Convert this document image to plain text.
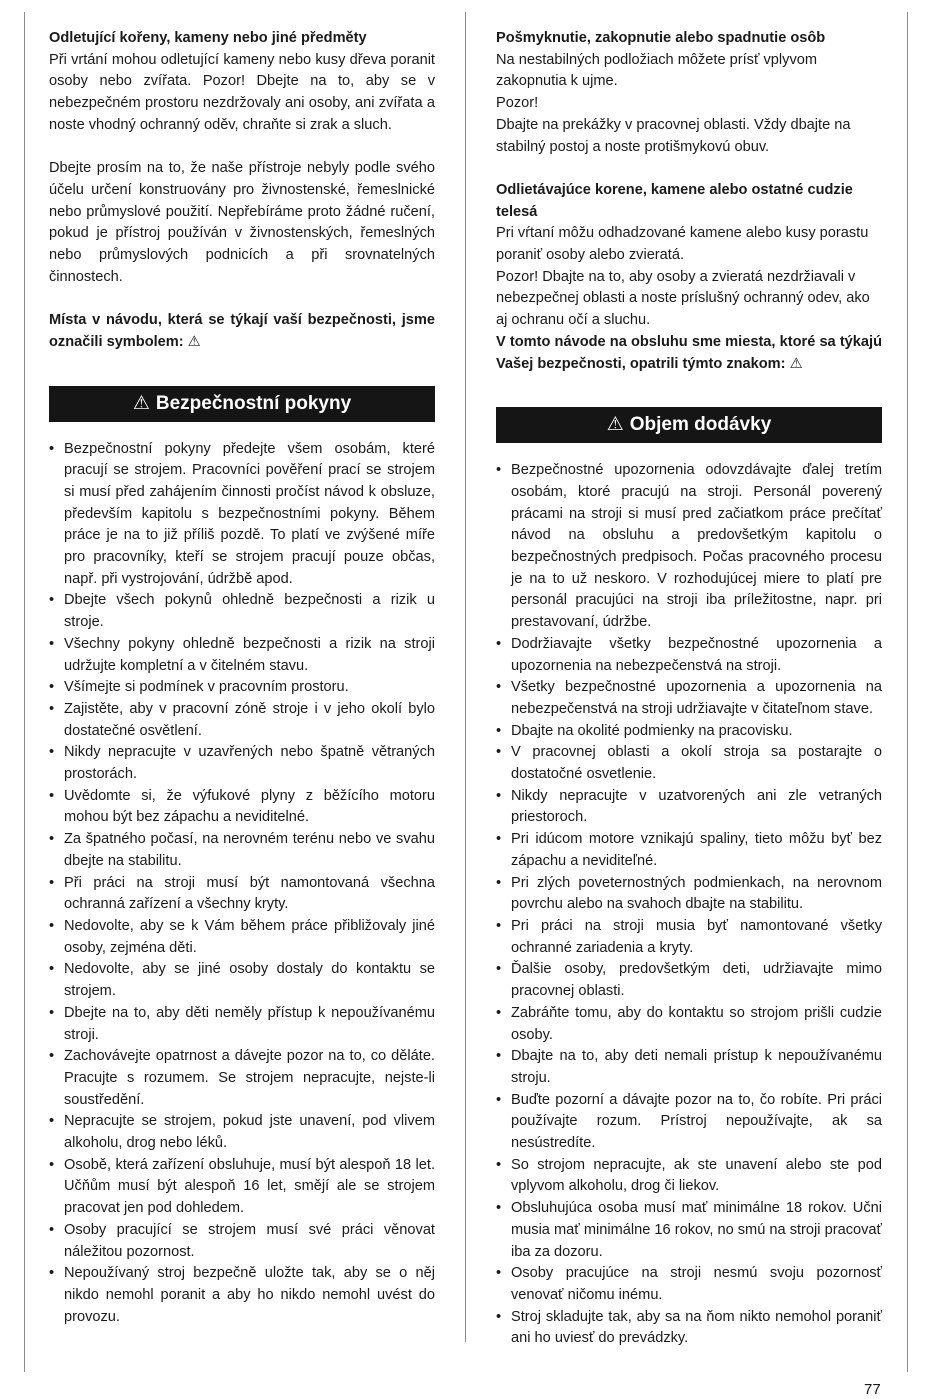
Odletující kořeny, kameny nebo jiné předměty

Při vrtání mohou odletující kameny nebo kusy dřeva poranit osoby nebo zvířata. Pozor! Dbejte na to, aby se v nebezpečném prostoru nezdržovaly ani osoby, ani zvířata a noste vhodný ochranný oděv, chraňte si zrak a sluch.

Dbejte prosím na to, že naše přístroje nebyly podle svého účelu určení konstruovány pro živnostenské, řemeslnické nebo průmyslové použití. Nepřebíráme proto žádné ručení, pokud je přístroj používán v živnostenských, řemeslných nebo průmyslových podnicích a při srovnatelných činnostech.

Místa v návodu, která se týkají vaší bezpečnosti, jsme označili symbolem: ⚠

⚠ Bezpečnostní pokyny
• Bezpečnostní pokyny předejte všem osobám, které pracují se strojem. Pracovníci pověření prací se strojem si musí před zahájením činnosti pročíst návod k obsluze, především kapitolu s bezpečnostními pokyny. Během práce je na to již příliš pozdě. To platí ve zvýšené míře pro pracovníky, kteří se strojem pracují pouze občas, např. při vystrojování, údržbě apod.
• Dbejte všech pokynů ohledně bezpečnosti a rizik u stroje.
• Všechny pokyny ohledně bezpečnosti a rizik na stroji udržujte kompletní a v čitelném stavu.
• Všímejte si podmínek v pracovním prostoru.
• Zajistěte, aby v pracovní zóně stroje i v jeho okolí bylo dostatečné osvětlení.
• Nikdy nepracujte v uzavřených nebo špatně větraných prostorách.
• Uvědomte si, že výfukové plyny z běžícího motoru mohou být bez zápachu a neviditelné.
• Za špatného počasí, na nerovném terénu nebo ve svahu dbejte na stabilitu.
• Při práci na stroji musí být namontovaná všechna ochranná zařízení a všechny kryty.
• Nedovolte, aby se k Vám během práce přibližovaly jiné osoby, zejména děti.
• Nedovolte, aby se jiné osoby dostaly do kontaktu se strojem.
• Dbejte na to, aby děti neměly přístup k nepoužívanému stroji.
• Zachovávejte opatrnost a dávejte pozor na to, co děláte. Pracujte s rozumem. Se strojem nepracujte, nejste-li soustředění.
• Nepracujte se strojem, pokud jste unavení, pod vlivem alkoholu, drog nebo léků.
• Osobě, která zařízení obsluhuje, musí být alespoň 18 let. Učňům musí být alespoň 16 let, smějí ale se strojem pracovat jen pod dohledem.
• Osoby pracující se strojem musí své práci věnovat náležitou pozornost.
• Nepoužívaný stroj bezpečně uložte tak, aby se o něj nikdo nemohl poranit a aby ho nikdo nemohl uvést do provozu.

Pošmyknutie, zakopnutie alebo spadnutie osôb

Na nestabilných podložiach môžete prísť vplyvom zakopnutia k ujme.

Pozor!

Dbajte na prekážky v pracovnej oblasti. Vždy dbajte na stabilný postoj a noste protišmykovú obuv.

Odlietávajúce korene, kamene alebo ostatné cudzie telesá

Pri vŕtaní môžu odhadzované kamene alebo kusy porastu poraniť osoby alebo zvieratá.

Pozor! Dbajte na to, aby osoby a zvieratá nezdržiavali v nebezpečnej oblasti a noste príslušný ochranný odev, ako aj ochranu očí a sluchu.

V tomto návode na obsluhu sme miesta, ktoré sa týkajú Vašej bezpečnosti, opatrili týmto znakom: ⚠

⚠ Objem dodávky
• Bezpečnostné upozornenia odovzdávajte ďalej tretím osobám, ktoré pracujú na stroji. Personál poverený prácami na stroji si musí pred začiatkom práce prečítať návod na obsluhu a predovšetkým kapitolu o bezpečnostných predpisoch. Počas pracovného procesu je na to už neskoro. V rozhodujúcej miere to platí pre personál pracujúci na stroji iba príležitostne, napr. pri prestavovaní, údržbe.
• Dodržiavajte všetky bezpečnostné upozornenia a upozornenia na nebezpečenstvá na stroji.
• Všetky bezpečnostné upozornenia a upozornenia na nebezpečenstvá na stroji udržiavajte v čitateľnom stave.
• Dbajte na okolité podmienky na pracovisku.
• V pracovnej oblasti a okolí stroja sa postarajte o dostatočné osvetlenie.
• Nikdy nepracujte v uzatvorených ani zle vetraných priestoroch.
• Pri idúcom motore vznikajú spaliny, tieto môžu byť bez zápachu a neviditeľné.
• Pri zlých poveternostných podmienkach, na nerovnom povrchu alebo na svahoch dbajte na stabilitu.
• Pri práci na stroji musia byť namontované všetky ochranné zariadenia a kryty.
• Ďalšie osoby, predovšetkým deti, udržiavajte mimo pracovnej oblasti.
• Zabráňte tomu, aby do kontaktu so strojom prišli cudzie osoby.
• Dbajte na to, aby deti nemali prístup k nepoužívanému stroju.
• Buďte pozorní a dávajte pozor na to, čo robíte. Pri práci používajte rozum. Prístroj nepoužívajte, ak sa nesústredíte.
• So strojom nepracujte, ak ste unavení alebo ste pod vplyvom alkoholu, drog či liekov.
• Obsluhujúca osoba musí mať minimálne 18 rokov. Učni musia mať minimálne 16 rokov, no smú na stroji pracovať iba za dozoru.
• Osoby pracujúce na stroji nesmú svoju pozornosť venovať ničomu inému.
• Stroj skladujte tak, aby sa na ňom nikto nemohol poraniť ani ho uviesť do prevádzky.
77
